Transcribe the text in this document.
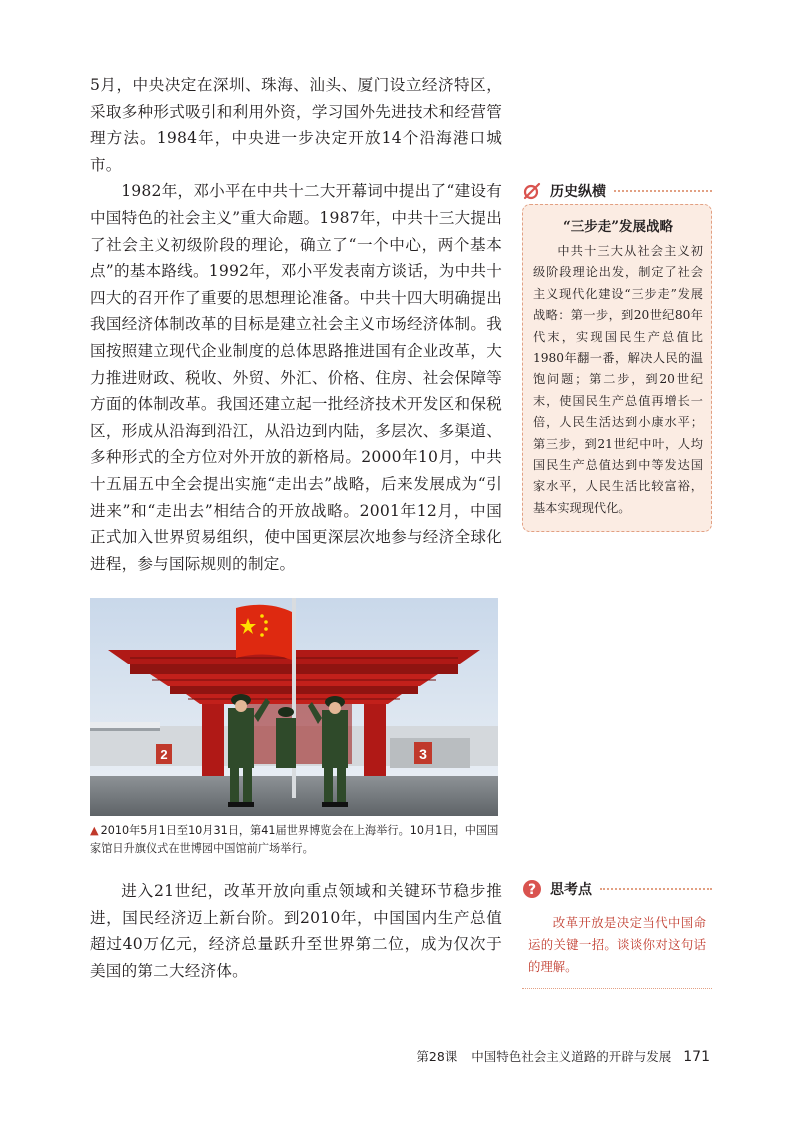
5月，中央决定在深圳、珠海、汕头、厦门设立经济特区，采取多种形式吸引和利用外资，学习国外先进技术和经营管理方法。1984年，中央进一步决定开放14个沿海港口城市。

1982年，邓小平在中共十二大开幕词中提出了“建设有中国特色的社会主义”重大命题。1987年，中共十三大提出了社会主义初级阶段的理论，确立了“一个中心，两个基本点”的基本路线。1992年，邓小平发表南方谈话，为中共十四大的召开作了重要的思想理论准备。中共十四大明确提出我国经济体制改革的目标是建立社会主义市场经济体制。我国按照建立现代企业制度的总体思路推进国有企业改革，大力推进财政、税收、外贸、外汇、价格、住房、社会保障等方面的体制改革。我国还建立起一批经济技术开发区和保税区，形成从沿海到沿江，从沿边到内陆，多层次、多渠道、多种形式的全方位对外开放的新格局。2000年10月，中共十五届五中全会提出实施“走出去”战略，后来发展成为“引进来”和“走出去”相结合的开放战略。2001年12月，中国正式加入世界贸易组织，使中国更深层次地参与经济全球化进程，参与国际规则的制定。

历史纵横
“三步走”发展战略

中共十三大从社会主义初级阶段理论出发，制定了社会主义现代化建设“三步走”发展战略：第一步，到20世纪80年代末，实现国民生产总值比1980年翻一番，解决人民的温饱问题；第二步，到20世纪末，使国民生产总值再增长一倍，人民生活达到小康水平；第三步，到21世纪中叶，人均国民生产总值达到中等发达国家水平，人民生活比较富裕，基本实现现代化。

2	3
▲ 2010年5月1日至10月31日，第41届世界博览会在上海举行。10月1日，中国国家馆日升旗仪式在世博园中国馆前广场举行。

进入21世纪，改革开放向重点领域和关键环节稳步推进，国民经济迈上新台阶。到2010年，中国国内生产总值超过40万亿元，经济总量跃升至世界第二位，成为仅次于美国的第二大经济体。

? 思考点

改革开放是决定当代中国命运的关键一招。谈谈你对这句话的理解。

第28课 中国特色社会主义道路的开辟与发展 171
